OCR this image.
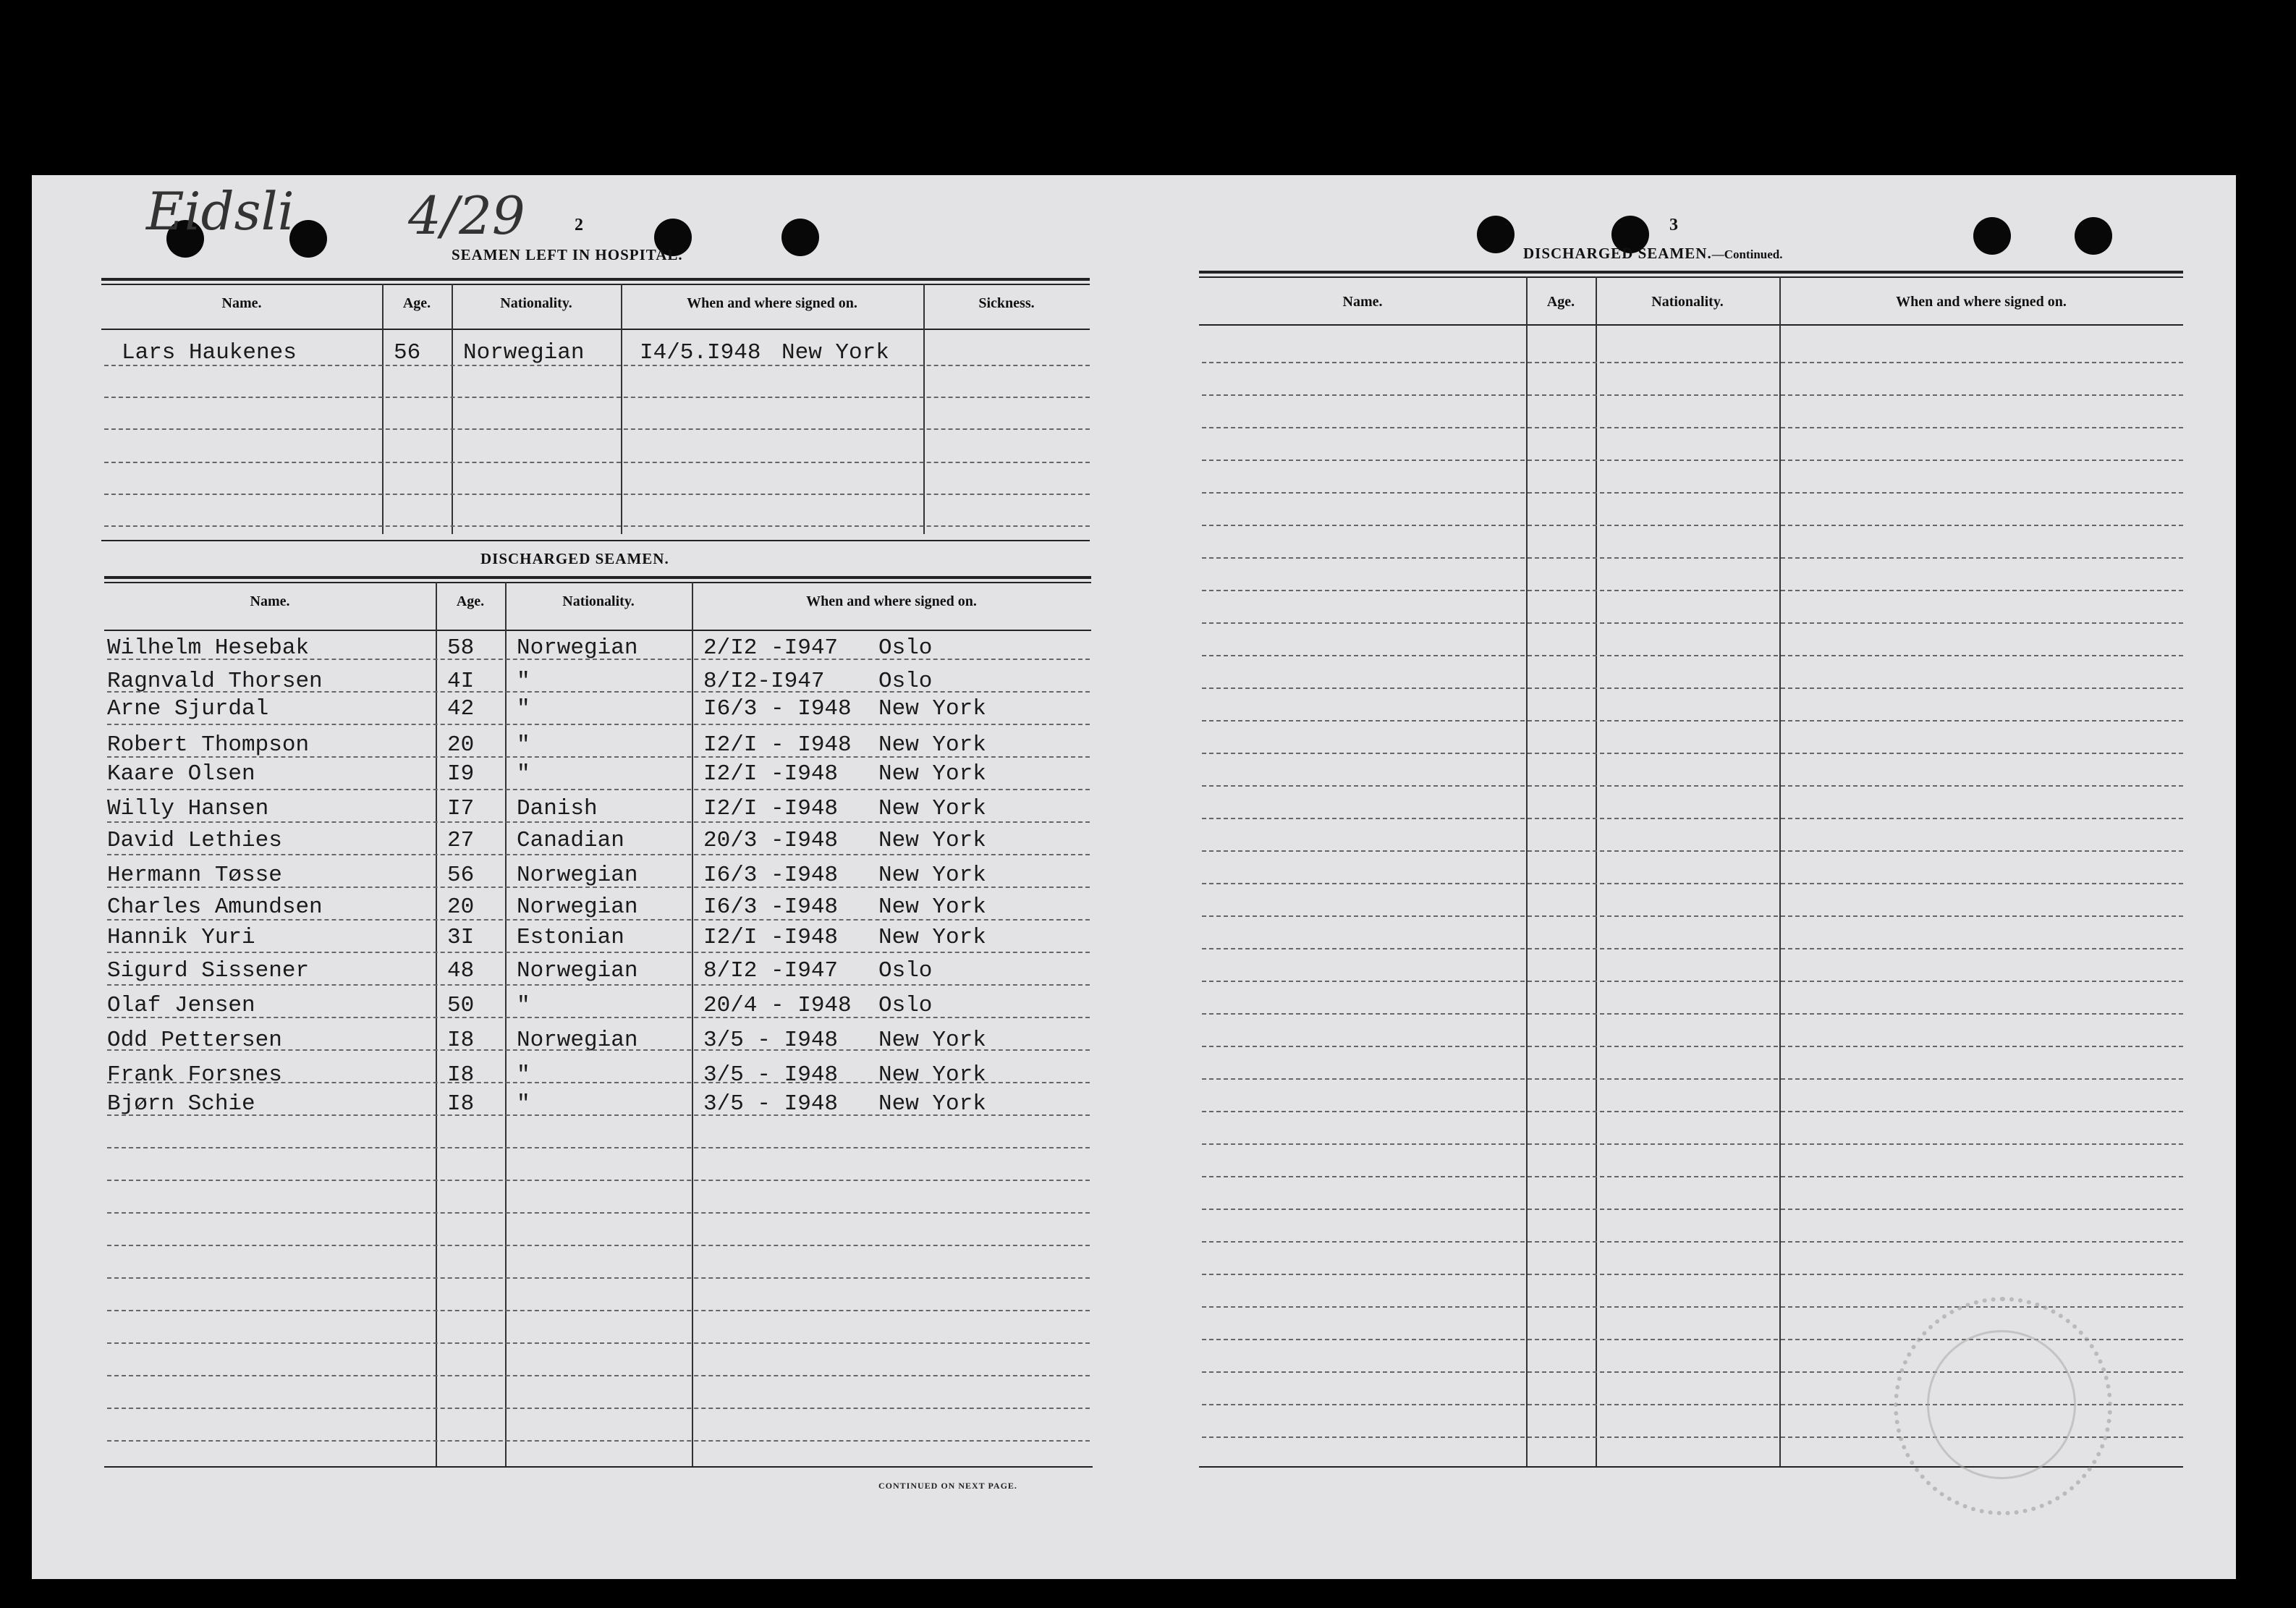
Eidsli 4/29	2
SEAMEN LEFT IN HOSPITAL.
Name.	Age.	Nationality.	When and where signed on.	Sickness.
Lars Haukenes	56 Norwegian I4/5.I948 New York
DISCHARGED SEAMEN.
Name.	Age.	Nationality.	When and where signed on.
Wilhelm Hesebak	58 Norwegian	2/I2 -I947 Oslo
Ragnvald Thorsen	4I "	8/I2-I947 Oslo
Arne Sjurdal	42 "	I6/3 - I948 New York
Robert Thompson	20 "	I2/I - I948 New York
Kaare Olsen	I9 "	I2/I -I948 New York
Willy Hansen	I7 Danish	I2/I -I948 New York
David Lethies	27 Canadian	20/3 -I948 New York
Hermann Tøsse	56 Norwegian	I6/3 -I948 New York
Charles Amundsen	20 Norwegian	I6/3 -I948 New York
Hannik Yuri	3I Estonian	I2/I -I948 New York
Sigurd Sissener	48 Norwegian	8/I2 -I947 Oslo
Olaf Jensen	50 "	20/4 - I948 Oslo
Odd Pettersen	I8 Norwegian	3/5 - I948 New York
Frank Forsnes	I8 "	3/5 - I948 New York
Bjørn Schie	I8 "	3/5 - I948 New York
CONTINUED ON NEXT PAGE.
3
DISCHARGED SEAMEN.—Continued.
Name.	Age.	Nationality.	When and where signed on.
